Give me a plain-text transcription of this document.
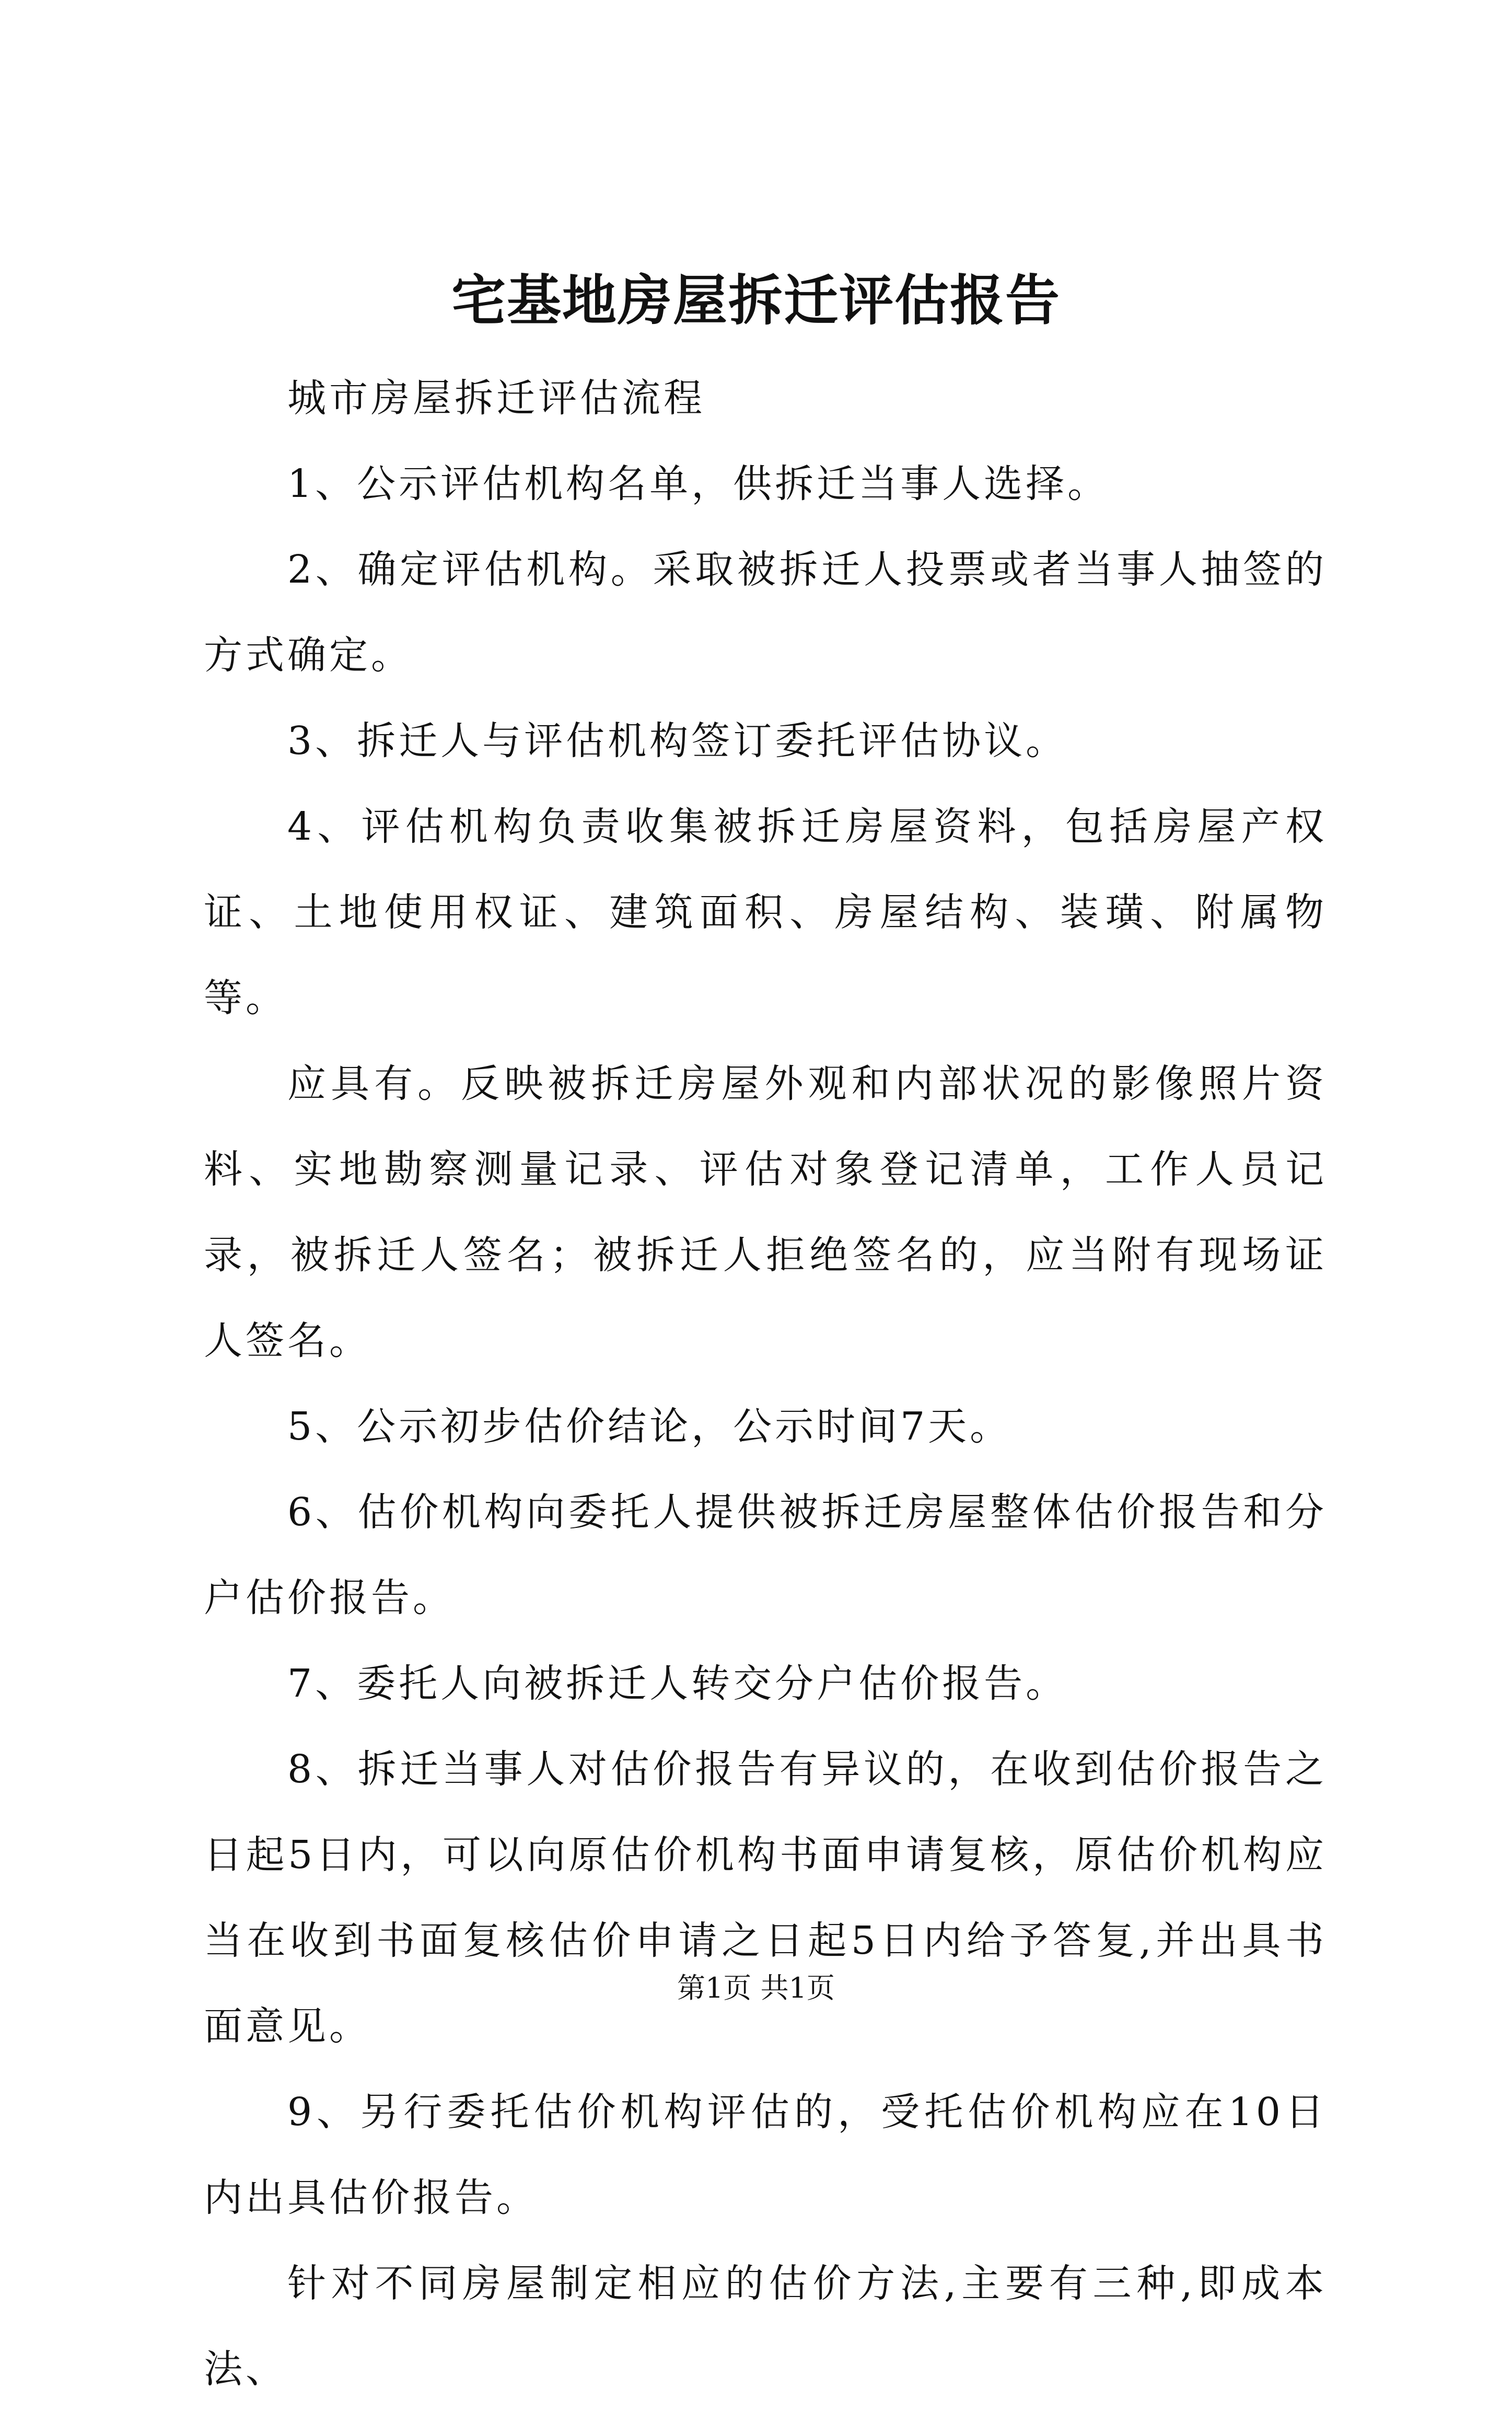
宅基地房屋拆迁评估报告

城市房屋拆迁评估流程

1、公示评估机构名单，供拆迁当事人选择。

2、确定评估机构。采取被拆迁人投票或者当事人抽签的方式确定。

3、拆迁人与评估机构签订委托评估协议。

4、评估机构负责收集被拆迁房屋资料，包括房屋产权证、土地使用权证、建筑面积、房屋结构、装璜、附属物等。

应具有。反映被拆迁房屋外观和内部状况的影像照片资料、实地勘察测量记录、评估对象登记清单，工作人员记录，被拆迁人签名；被拆迁人拒绝签名的，应当附有现场证人签名。

5、公示初步估价结论，公示时间7天。

6、估价机构向委托人提供被拆迁房屋整体估价报告和分户估价报告。

7、委托人向被拆迁人转交分户估价报告。

8、拆迁当事人对估价报告有异议的，在收到估价报告之日起5日内，可以向原估价机构书面申请复核，原估价机构应当在收到书面复核估价申请之日起5日内给予答复,并出具书面意见。

9、另行委托估价机构评估的，受托估价机构应在10日内出具估价报告。

针对不同房屋制定相应的估价方法,主要有三种,即成本法、

第1页 共1页
